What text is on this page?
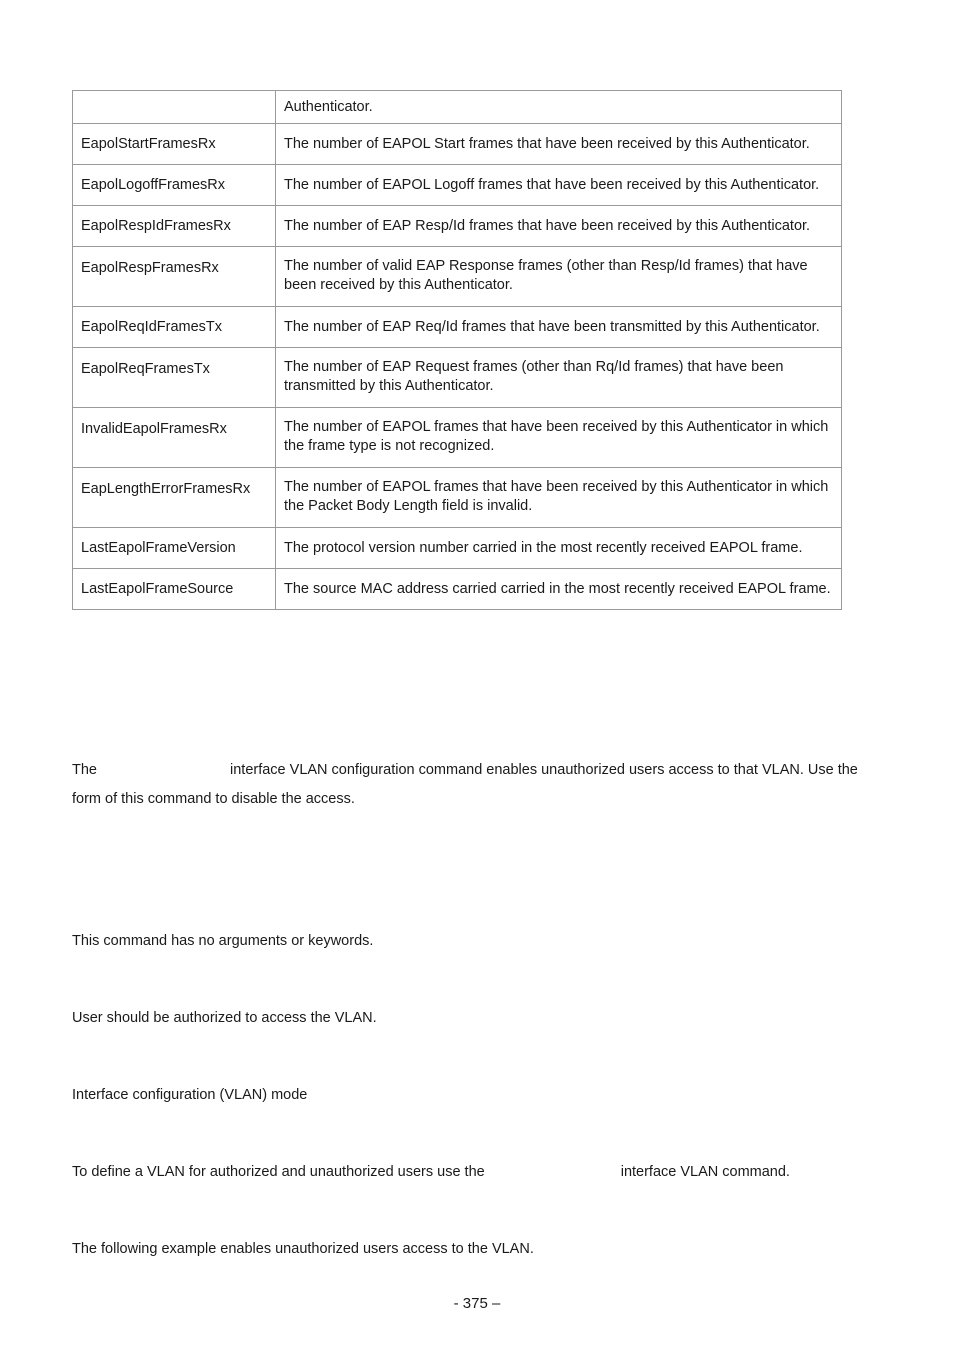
	Authenticator.
EapolStartFramesRx	The number of EAPOL Start frames that have been received by this Authenticator.
EapolLogoffFramesRx	The number of EAPOL Logoff frames that have been received by this Authenticator.
EapolRespIdFramesRx	The number of EAP Resp/Id frames that have been received by this Authenticator.
EapolRespFramesRx	The number of valid EAP Response frames (other than Resp/Id frames) that have been received by this Authenticator.
EapolReqIdFramesTx	The number of EAP Req/Id frames that have been transmitted by this Authenticator.
EapolReqFramesTx	The number of EAP Request frames (other than Rq/Id frames) that have been transmitted by this Authenticator.
InvalidEapolFramesRx	The number of EAPOL frames that have been received by this Authenticator in which the frame type is not recognized.
EapLengthErrorFramesRx	The number of EAPOL frames that have been received by this Authenticator in which the Packet Body Length field is invalid.
LastEapolFrameVersion	The protocol version number carried in the most recently received EAPOL frame.
LastEapolFrameSource	The source MAC address carried carried in the most recently received EAPOL frame.
The	interface VLAN configuration command enables unauthorized users access to that VLAN. Use the
form of this command to disable the access.
This command has no arguments or keywords.
User should be authorized to access the VLAN.
Interface configuration (VLAN) mode
To define a VLAN for authorized and unauthorized users use the	interface VLAN command.
The following example enables unauthorized users access to the VLAN.
- 375 –
